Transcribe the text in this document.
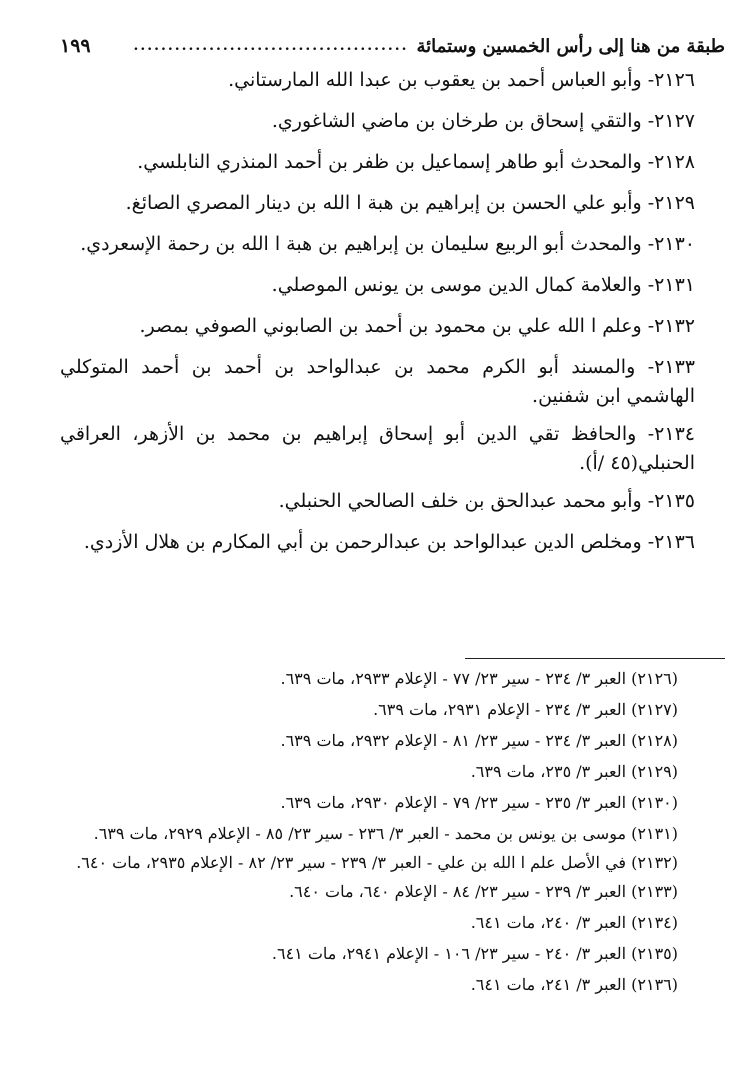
طبقة من هنا إلى رأس الخمسين وستمائة
........................................
١٩٩

٢١٢٦- وأبو العباس أحمد بن يعقوب بن عبدا الله المارستاني.

٢١٢٧- والتقي إسحاق بن طرخان بن ماضي الشاغوري.

٢١٢٨- والمحدث أبو طاهر إسماعيل بن ظفر بن أحمد المنذري النابلسي.

٢١٢٩- وأبو علي الحسن بن إبراهيم بن هبة ا الله بن دينار المصري الصائغ.

٢١٣٠- والمحدث أبو الربيع سليمان بن إبراهيم بن هبة ا الله بن رحمة الإسعردي.

٢١٣١- والعلامة كمال الدين موسى بن يونس الموصلي.

٢١٣٢- وعلم ا الله علي بن محمود بن أحمد بن الصابوني الصوفي بمصر.

٢١٣٣- والمسند أبو الكرم محمد بن عبدالواحد بن أحمد بن أحمد المتوكلي الهاشمي ابن شفنين.

٢١٣٤- والحافظ تقي الدين أبو إسحاق إبراهيم بن محمد بن الأزهر، العراقي الحنبلي(٤٥ /أ).

٢١٣٥- وأبو محمد عبدالحق بن خلف الصالحي الحنبلي.

٢١٣٦- ومخلص الدين عبدالواحد بن عبدالرحمن بن أبي المكارم بن هلال الأزدي.

(٢١٢٦) العبر ٣/ ٢٣٤ - سير ٢٣/ ٧٧ - الإعلام ٢٩٣٣، مات ٦٣٩.
(٢١٢٧) العبر ٣/ ٢٣٤ - الإعلام ٢٩٣١، مات ٦٣٩.
(٢١٢٨) العبر ٣/ ٢٣٤ - سير ٢٣/ ٨١ - الإعلام ٢٩٣٢، مات ٦٣٩.
(٢١٢٩) العبر ٣/ ٢٣٥، مات ٦٣٩.
(٢١٣٠) العبر ٣/ ٢٣٥ - سير ٢٣/ ٧٩ - الإعلام ٢٩٣٠، مات ٦٣٩.
(٢١٣١) موسى بن يونس بن محمد - العبر ٣/ ٢٣٦ - سير ٢٣/ ٨٥ - الإعلام ٢٩٢٩، مات ٦٣٩.
(٢١٣٢) في الأصل علم ا الله بن علي - العبر ٣/ ٢٣٩ - سير ٢٣/ ٨٢ - الإعلام ٢٩٣٥، مات ٦٤٠.
(٢١٣٣) العبر ٣/ ٢٣٩ - سير ٢٣/ ٨٤ - الإعلام ٦٤٠، مات ٦٤٠.
(٢١٣٤) العبر ٣/ ٢٤٠، مات ٦٤١.
(٢١٣٥) العبر ٣/ ٢٤٠ - سير ٢٣/ ١٠٦ - الإعلام ٢٩٤١، مات ٦٤١.
(٢١٣٦) العبر ٣/ ٢٤١، مات ٦٤١.
